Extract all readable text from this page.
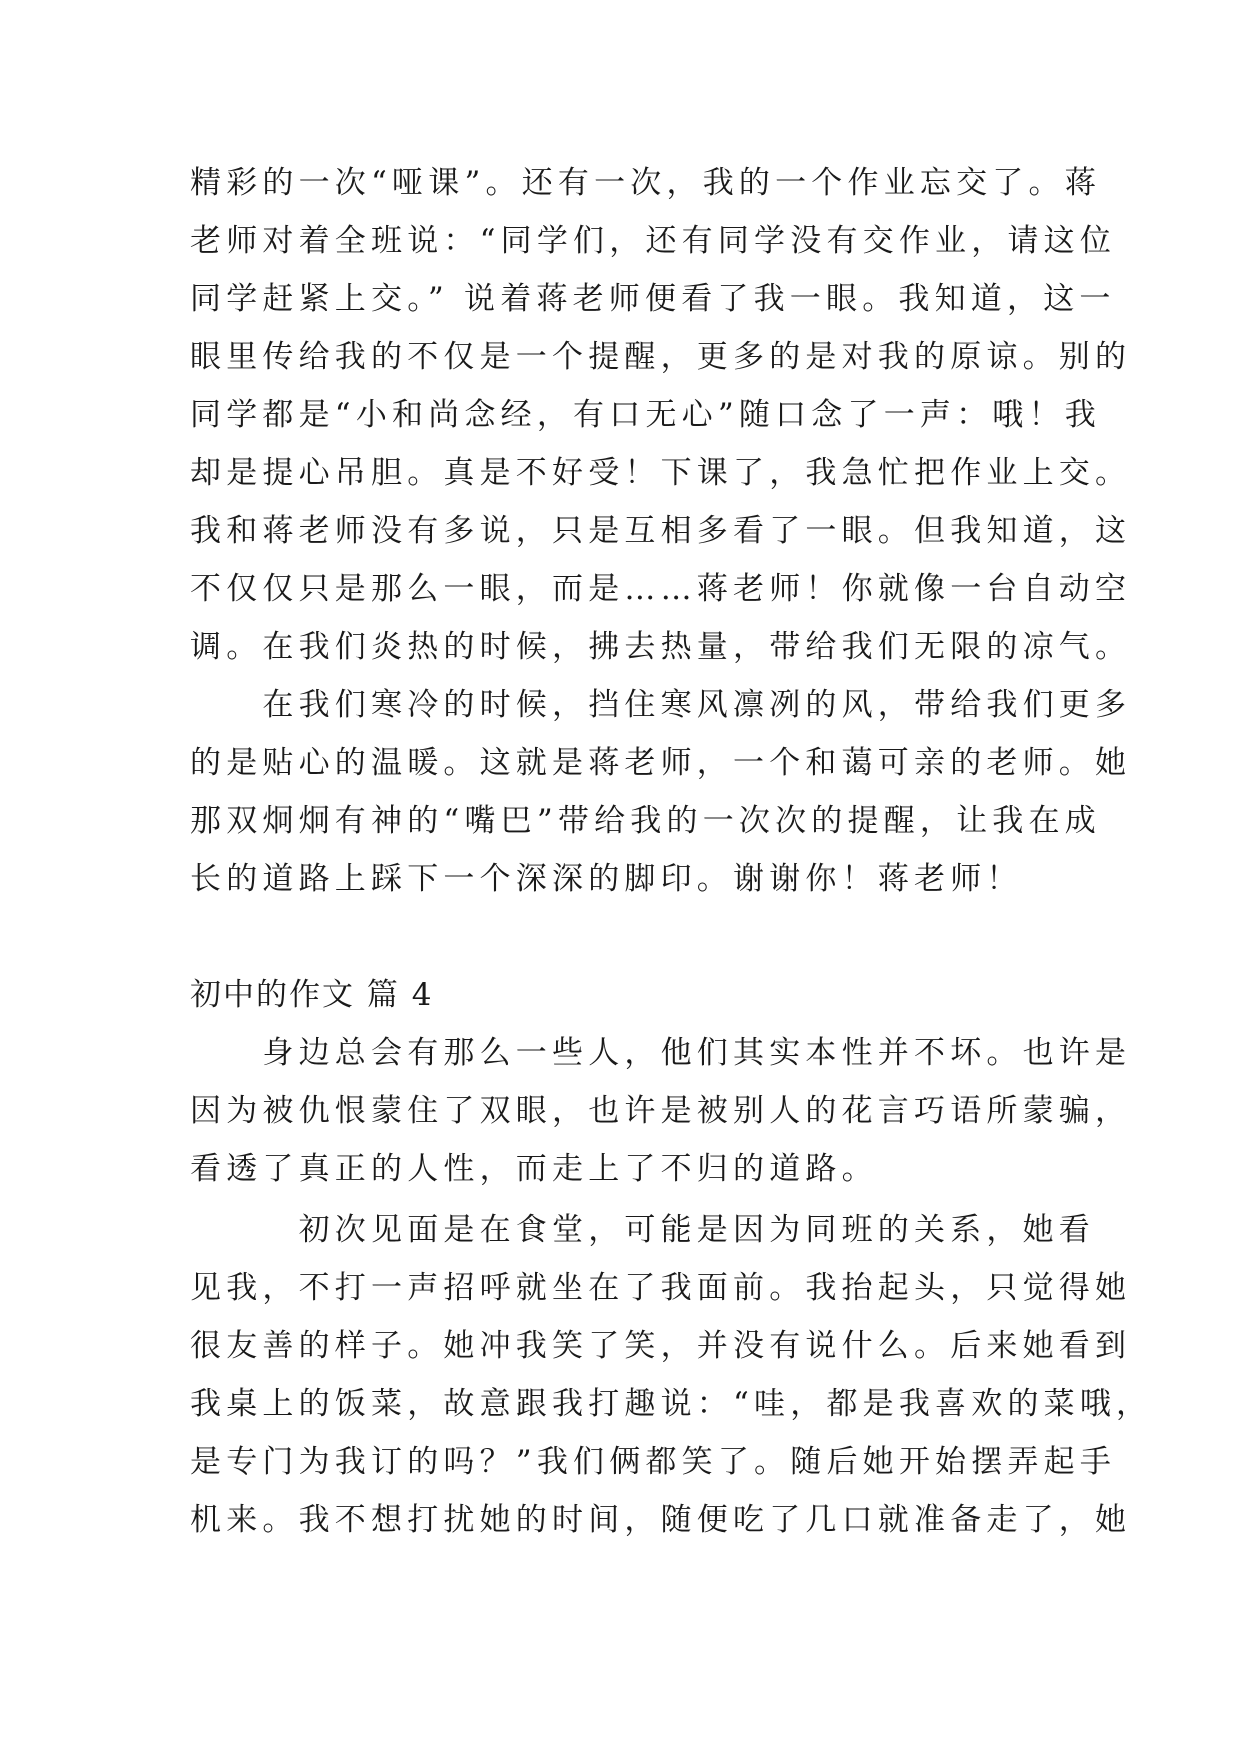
精彩的一次“哑课”。还有一次，我的一个作业忘交了。蒋
老师对着全班说：“同学们，还有同学没有交作业，请这位
同学赶紧上交。” 说着蒋老师便看了我一眼。我知道，这一
眼里传给我的不仅是一个提醒，更多的是对我的原谅。别的
同学都是“小和尚念经，有口无心”随口念了一声：哦！我
却是提心吊胆。真是不好受！下课了，我急忙把作业上交。
我和蒋老师没有多说，只是互相多看了一眼。但我知道，这
不仅仅只是那么一眼，而是……蒋老师！你就像一台自动空
调。在我们炎热的时候，拂去热量，带给我们无限的凉气。
　　在我们寒冷的时候，挡住寒风凛冽的风，带给我们更多
的是贴心的温暖。这就是蒋老师，一个和蔼可亲的老师。她
那双炯炯有神的“嘴巴”带给我的一次次的提醒，让我在成
长的道路上踩下一个深深的脚印。谢谢你！蒋老师！
初中的作文 篇 4
　　身边总会有那么一些人，他们其实本性并不坏。也许是
因为被仇恨蒙住了双眼，也许是被别人的花言巧语所蒙骗，
看透了真正的人性，而走上了不归的道路。
　　　初次见面是在食堂，可能是因为同班的关系，她看
见我，不打一声招呼就坐在了我面前。我抬起头，只觉得她
很友善的样子。她冲我笑了笑，并没有说什么。后来她看到
我桌上的饭菜，故意跟我打趣说：“哇，都是我喜欢的菜哦，
是专门为我订的吗？”我们俩都笑了。随后她开始摆弄起手
机来。我不想打扰她的时间，随便吃了几口就准备走了，她
